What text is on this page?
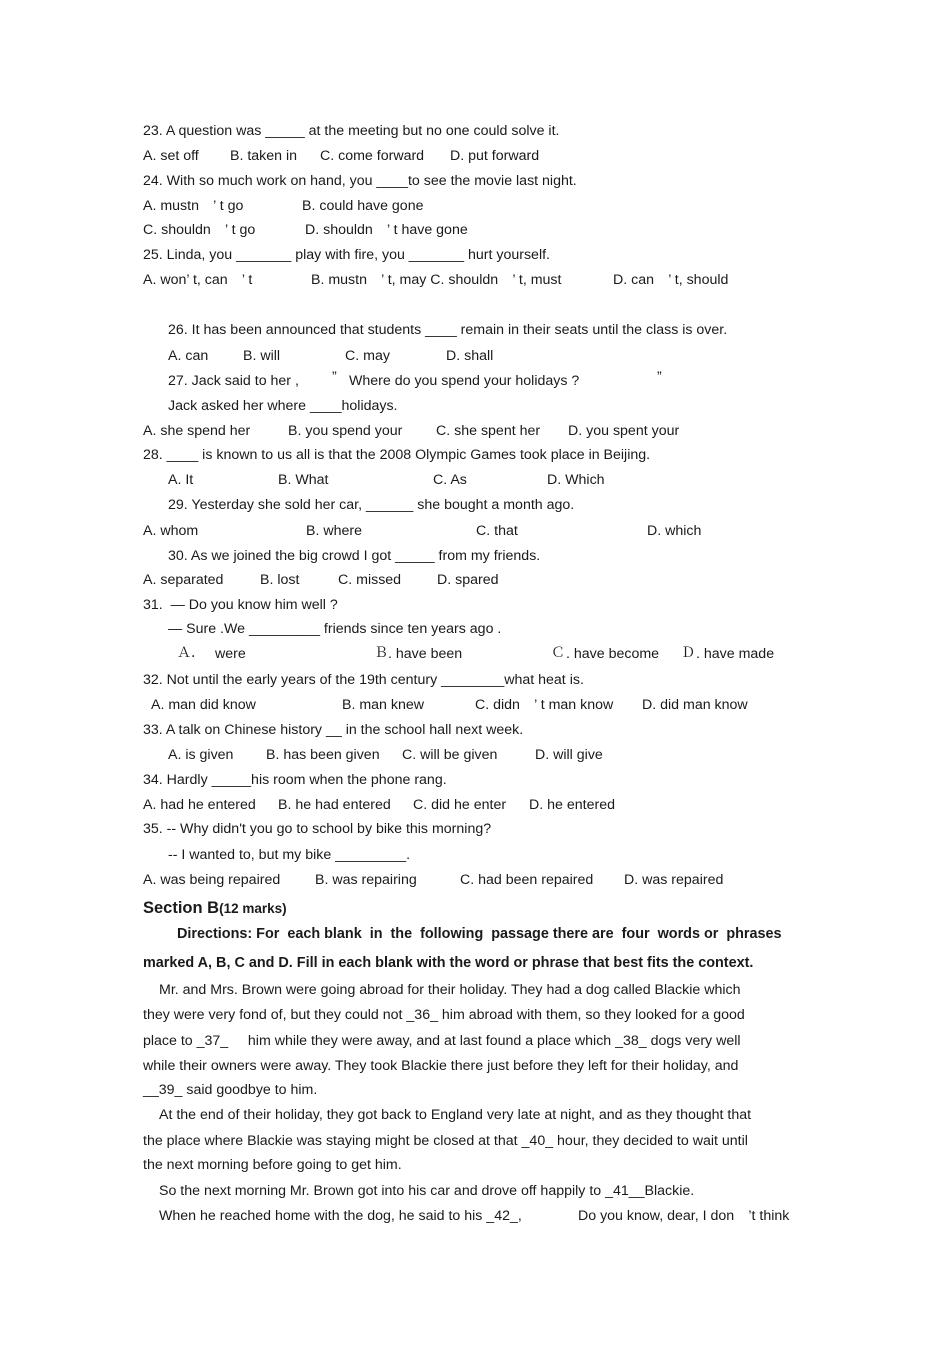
23. A question was _____ at the meeting but no one could solve it.
A. set off B. taken in C. come forward D. put forward
24. With so much work on hand, you ____to see the movie last night.
A. mustn　’ t go	B. could have gone
C. shouldn　’ t go	D. shouldn　’ t have gone
25. Linda, you _______ play with fire, you _______ hurt yourself.
A. won’ t, can　’ t	B. mustn　’ t, may C. shouldn　’ t, must	D. can　’ t, should
26. It has been announced that students ____ remain in their seats until the class is over.
A. can B. will	C. may	D. shall
27. Jack said to her , ” Where do you spend your holidays ?	”
Jack asked her where ____holidays.
A. she spend her	B. you spend your C. she spent her D. you spent your
28. ____ is known to us all is that the 2008 Olympic Games took place in Beijing.
A. It	B. What	C. As	D. Which
29. Yesterday she sold her car, ______ she bought a month ago.
A. whom	B. where	C. that	D. which
30. As we joined the big crowd I got _____ from my friends.
A. separated	B. lost	C. missed	D. spared
31.  — Do you know him well ?
— Sure .We _________ friends since ten years ago .
Ａ． were	Ｂ . have been	Ｃ . have become Ｄ . have made
32. Not until the early years of the 19th century ________what heat is.
A. man did know	B. man knew	C. didn　’ t man know D. did man know
33. A talk on Chinese history __ in the school hall next week.
A. is given B. has been given C. will be given	D. will give
34. Hardly _____his room when the phone rang.
A. had he entered B. he had entered C. did he enter D. he entered
35. -- Why didn't you go to school by bike this morning?
-- I wanted to, but my bike _________.
A. was being repaired B. was repairing	C. had been repaired D. was repaired
Section B(12 marks)
Directions: For  each blank  in  the  following  passage there are  four  words or  phrases
marked A, B, C and D. Fill in each blank with the word or phrase that best fits the context.
Mr. and Mrs. Brown were going abroad for their holiday. They had a dog called Blackie which
they were very fond of, but they could not _36_ him abroad with them, so they looked for a good
place to _37_     him while they were away, and at last found a place which _38_ dogs very well
while their owners were away. They took Blackie there just before they left for their holiday, and
__39_ said goodbye to him.
At the end of their holiday, they got back to England very late at night, and as they thought that
the place where Blackie was staying might be closed at that _40_ hour, they decided to wait until
the next morning before going to get him.
So the next morning Mr. Brown got into his car and drove off happily to _41__Blackie.
When he reached home with the dog, he said to his _42_,	Do you know, dear, I don　’t think
